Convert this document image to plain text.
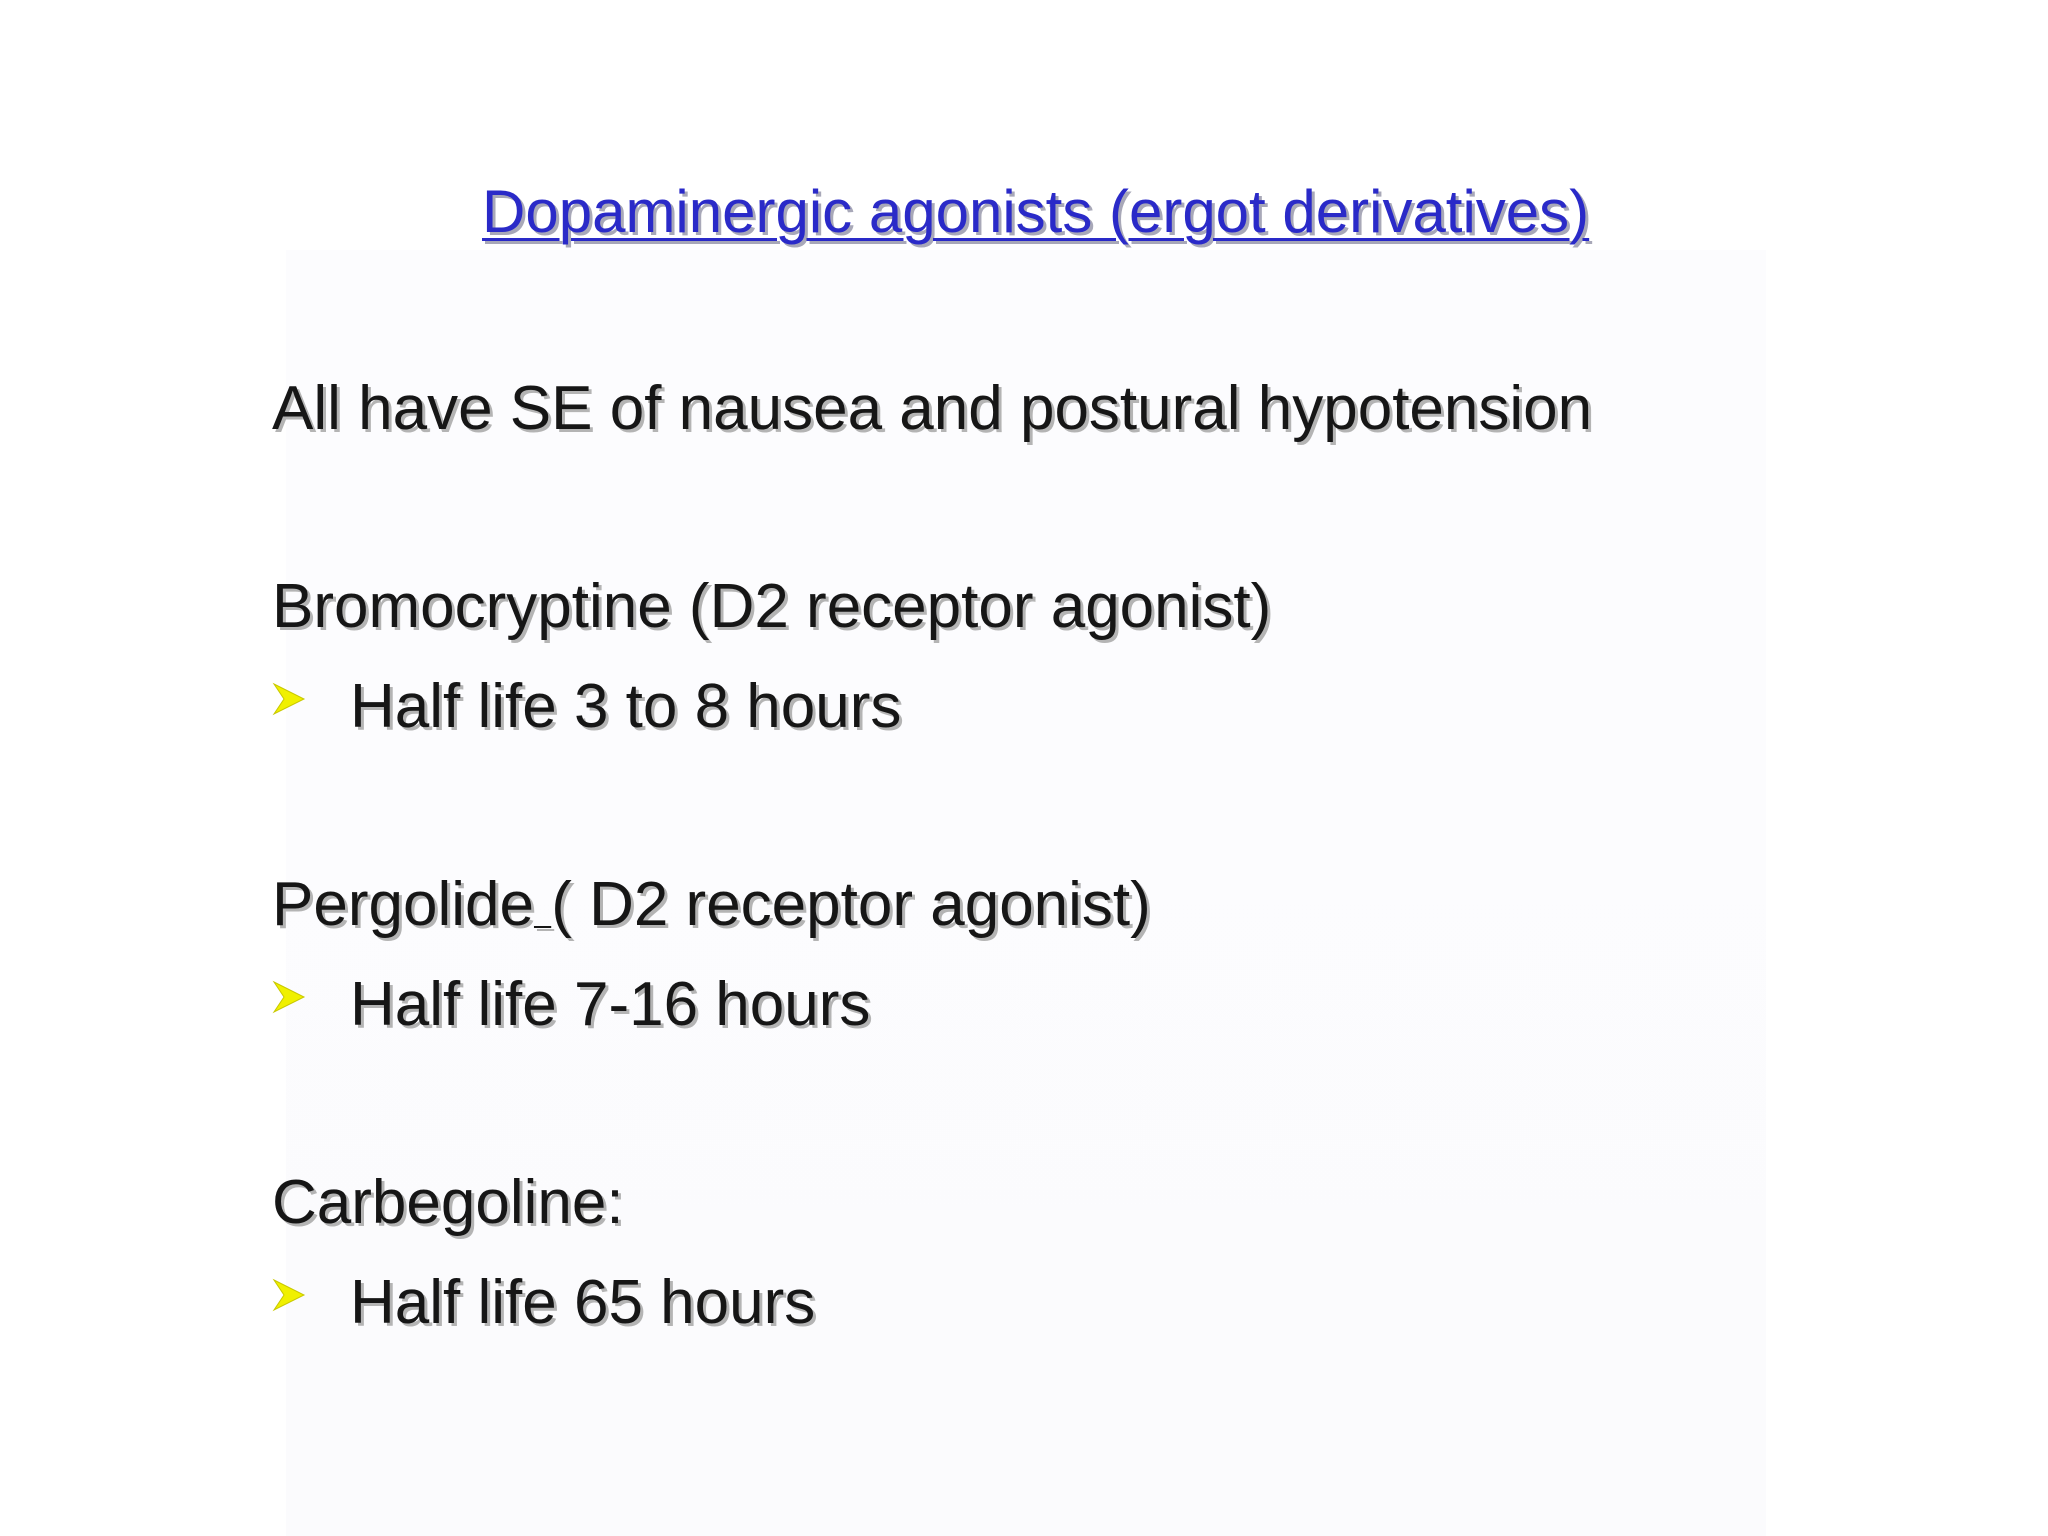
Dopaminergic agonists (ergot derivatives)
All have SE of nausea and postural hypotension
Bromocryptine (D2 receptor agonist)
Half life 3 to 8 hours
Pergolide ( D2 receptor agonist)
Half life 7-16 hours
Carbegoline:
Half life 65 hours
